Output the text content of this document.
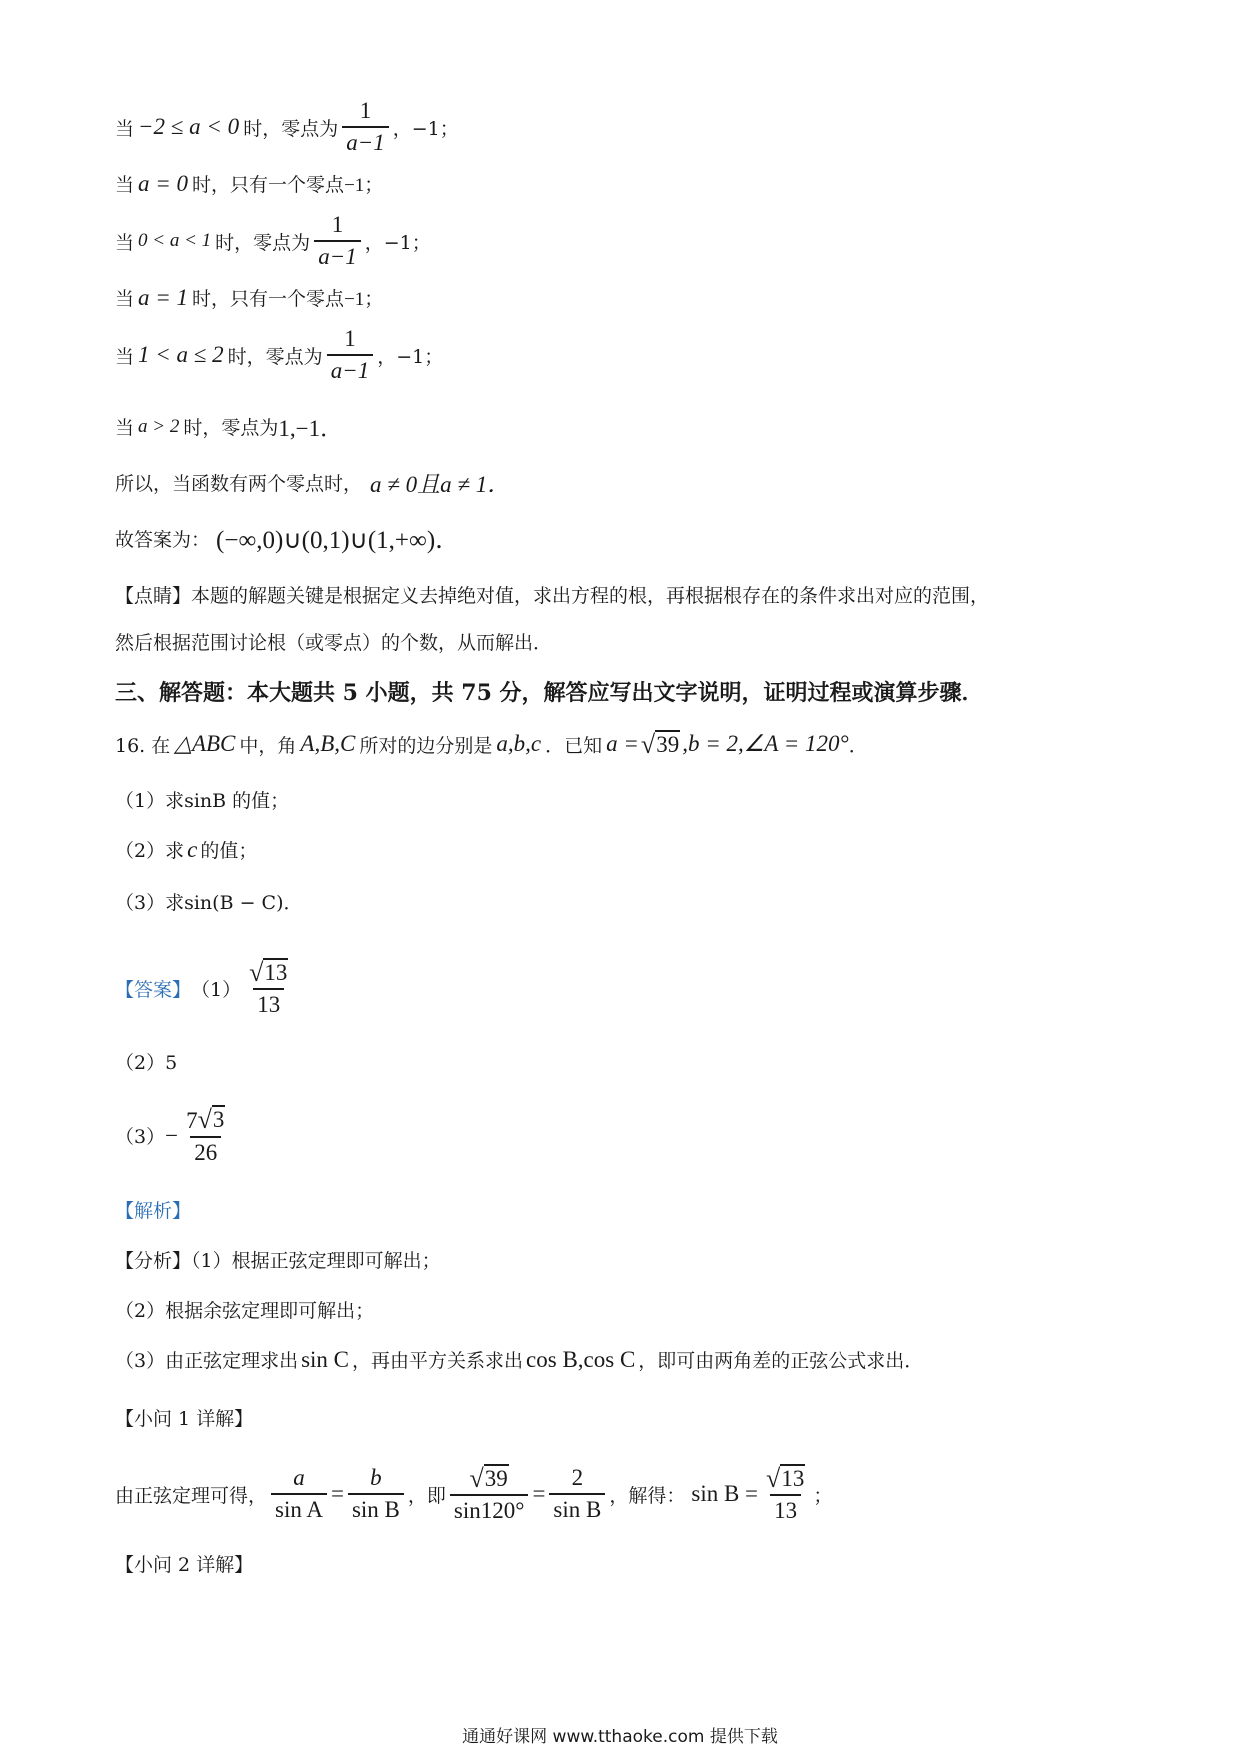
当 −2 ≤ a < 0 时，零点为 $\frac{1}{a-1}$ ，−1；
当 a = 0 时，只有一个零点 −1；
当 0 < a < 1 时，零点为 $\frac{1}{a-1}$ ，−1；
当 a = 1 时，只有一个零点 −1；
当 1 < a ≤ 2 时，零点为 $\frac{1}{a-1}$ ，−1；
当 a > 2 时，零点为 1,−1．
所以，当函数有两个零点时， a ≠ 0且a ≠ 1．
故答案为： (−∞,0)∪(0,1)∪(1,+∞)．
【点睛】本题的解题关键是根据定义去掉绝对值，求出方程的根，再根据根存在的条件求出对应的范围，
然后根据范围讨论根（或零点）的个数，从而解出．
三、解答题：本大题共 5 小题，共 75 分，解答应写出文字说明，证明过程或演算步骤．
16. 在 △ABC 中，角 A,B,C 所对的边分别是 a,b,c ．已知 a = √ 39 ,b = 2,∠A = 120° ．
（1）求sinB 的值；
（2）求 c 的值；
（3）求sin(B − C)．
【答案】 $(1) \frac{√ 13}{13}$
（2）5
$(3) - \frac{7 √ 3}{26}$
【解析】
【分析】（1）根据正弦定理即可解出；
（2）根据余弦定理即可解出；
（3）由正弦定理求出 sin C ，再由平方关系求出 cos B,cos C ，即可由两角差的正弦公式求出．
【小问 1 详解】
由正弦定理可得， $\frac{a}{\text{sin A}} = \frac{b}{\text{sin B}}$ ，即 $\frac{√ 39}{\sin 120^\circ} = \frac{2}{\text{sin B}}$ ，解得： $\sin B = \frac{√ 13}{13}$ ；
【小问 2 详解】
通通好课网 www.tthaoke.com 提供下载
